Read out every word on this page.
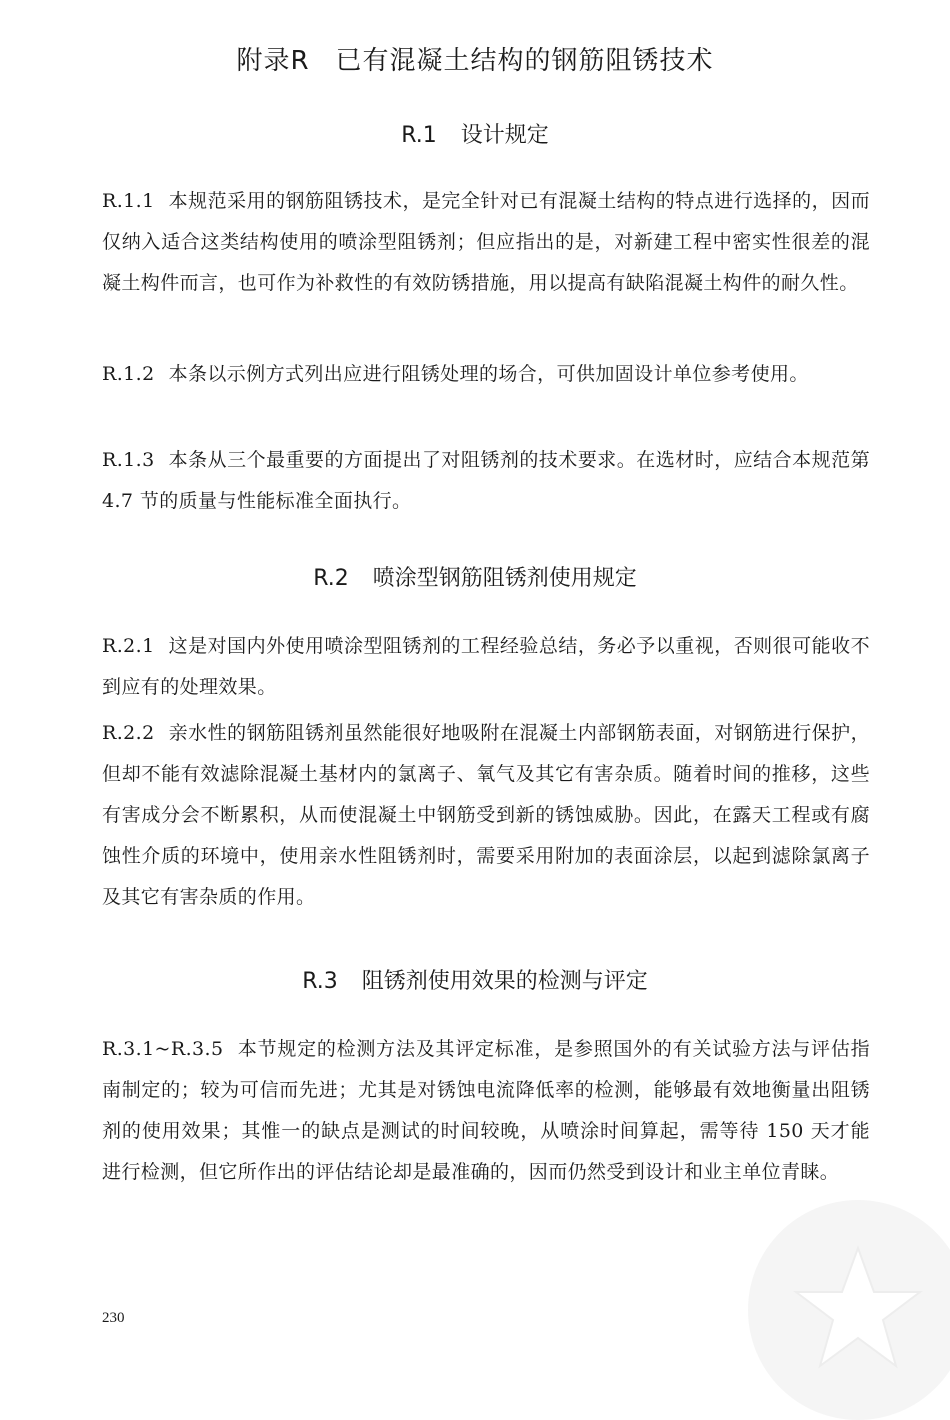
附录R 已有混凝土结构的钢筋阻锈技术
R.1 设计规定

R.1.1 本规范采用的钢筋阻锈技术，是完全针对已有混凝土结构的特点进行选择的，因而仅纳入适合这类结构使用的喷涂型阻锈剂；但应指出的是，对新建工程中密实性很差的混凝土构件而言，也可作为补救性的有效防锈措施，用以提高有缺陷混凝土构件的耐久性。

R.1.2 本条以示例方式列出应进行阻锈处理的场合，可供加固设计单位参考使用。

R.1.3 本条从三个最重要的方面提出了对阻锈剂的技术要求。在选材时，应结合本规范第 4.7 节的质量与性能标准全面执行。

R.2 喷涂型钢筋阻锈剂使用规定

R.2.1 这是对国内外使用喷涂型阻锈剂的工程经验总结，务必予以重视，否则很可能收不到应有的处理效果。

R.2.2 亲水性的钢筋阻锈剂虽然能很好地吸附在混凝土内部钢筋表面，对钢筋进行保护，但却不能有效滤除混凝土基材内的氯离子、氧气及其它有害杂质。随着时间的推移，这些有害成分会不断累积，从而使混凝土中钢筋受到新的锈蚀威胁。因此，在露天工程或有腐蚀性介质的环境中，使用亲水性阻锈剂时，需要采用附加的表面涂层，以起到滤除氯离子及其它有害杂质的作用。

R.3 阻锈剂使用效果的检测与评定

R.3.1~R.3.5 本节规定的检测方法及其评定标准，是参照国外的有关试验方法与评估指南制定的；较为可信而先进；尤其是对锈蚀电流降低率的检测，能够最有效地衡量出阻锈剂的使用效果；其惟一的缺点是测试的时间较晚，从喷涂时间算起，需等待 150 天才能进行检测，但它所作出的评估结论却是最准确的，因而仍然受到设计和业主单位青睐。

230
